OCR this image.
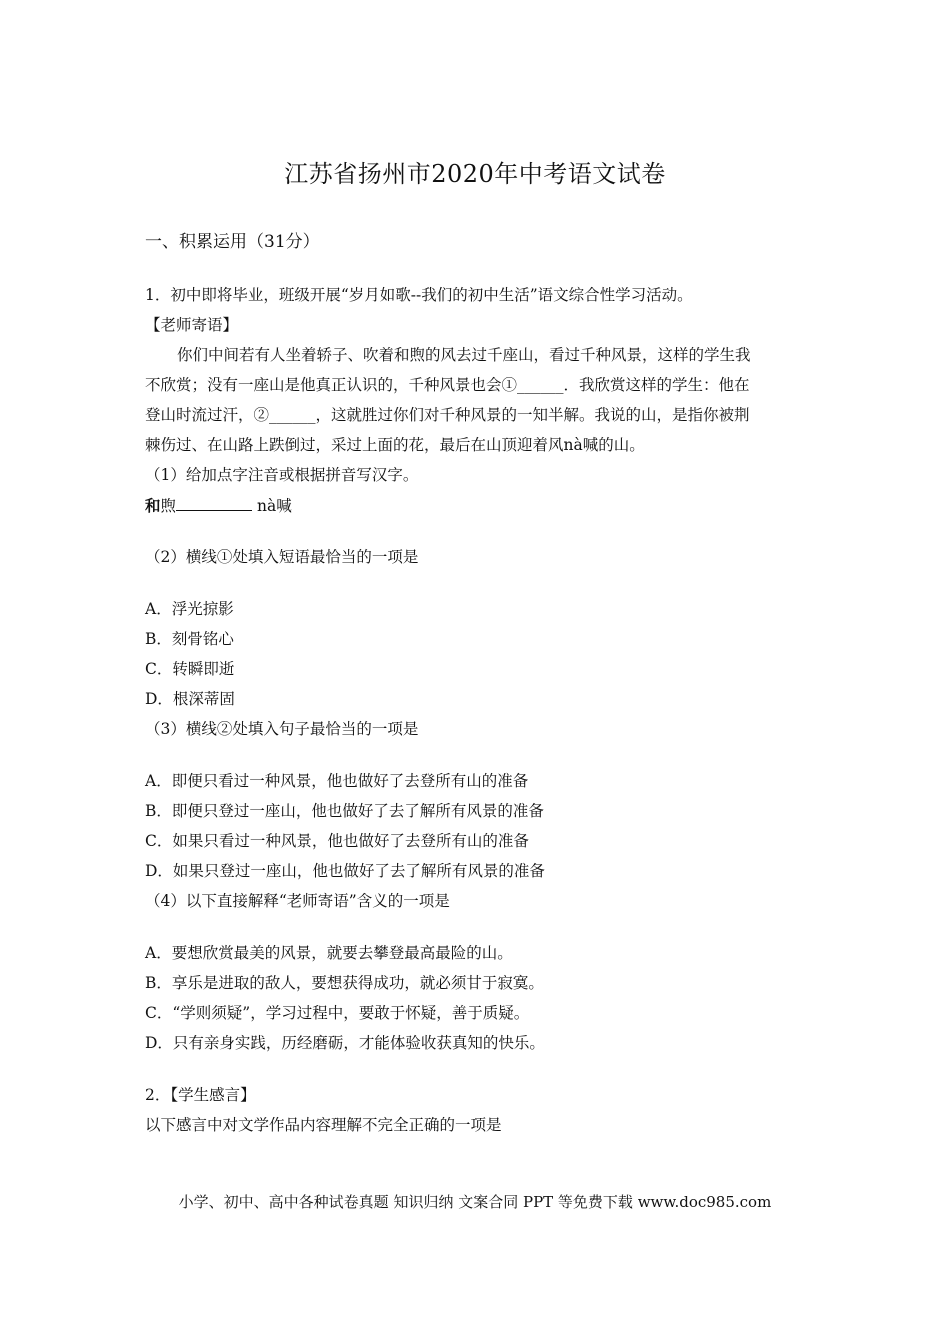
江苏省扬州市2020年中考语文试卷
一、积累运用（31分）
1．初中即将毕业，班级开展“岁月如歌--我们的初中生活”语文综合性学习活动。
【老师寄语】
你们中间若有人坐着轿子、吹着和煦的风去过千座山，看过千种风景，这样的学生我
不欣赏；没有一座山是他真正认识的，千种风景也会①______．我欣赏这样的学生：他在
登山时流过汗，②______，这就胜过你们对千种风景的一知半解。我说的山，是指你被荆
棘伤过、在山路上跌倒过，采过上面的花，最后在山顶迎着风nà喊的山。
（1）给加点字注音或根据拼音写汉字。
和煦	nà喊
（2）横线①处填入短语最恰当的一项是
A．浮光掠影
B．刻骨铭心
C．转瞬即逝
D．根深蒂固
（3）横线②处填入句子最恰当的一项是
A．即便只看过一种风景，他也做好了去登所有山的准备
B．即便只登过一座山，他也做好了去了解所有风景的准备
C．如果只看过一种风景，他也做好了去登所有山的准备
D．如果只登过一座山，他也做好了去了解所有风景的准备
（4）以下直接解释“老师寄语”含义的一项是
A．要想欣赏最美的风景，就要去攀登最高最险的山。
B．享乐是进取的敌人，要想获得成功，就必须甘于寂寞。
C．“学则须疑”，学习过程中，要敢于怀疑，善于质疑。
D．只有亲身实践，历经磨砺，才能体验收获真知的快乐。
2．【学生感言】
以下感言中对文学作品内容理解不完全正确的一项是
小学、初中、高中各种试卷真题 知识归纳 文案合同 PPT 等免费下载 www.doc985.com
